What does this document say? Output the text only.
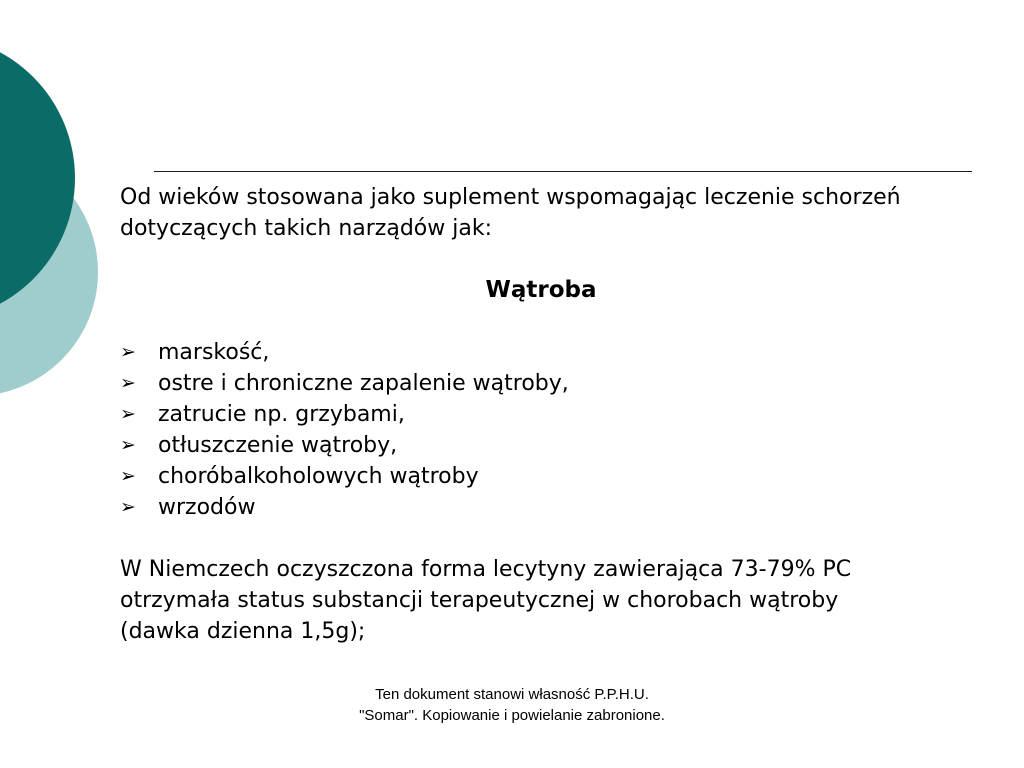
Od wieków stosowana jako suplement wspomagając leczenie schorzeń dotyczących takich narządów jak:

Wątroba

➢	marskość,
➢	ostre i chroniczne zapalenie wątroby,
➢	zatrucie np. grzybami,
➢	otłuszczenie wątroby,
➢	choróbalkoholowych wątroby
➢	wrzodów

W Niemczech oczyszczona forma lecytyny zawierająca 73-79% PC otrzymała status substancji terapeutycznej w chorobach wątroby (dawka dzienna 1,5g);

Ten dokument stanowi własność P.P.H.U. "Somar". Kopiowanie i powielanie zabronione.
